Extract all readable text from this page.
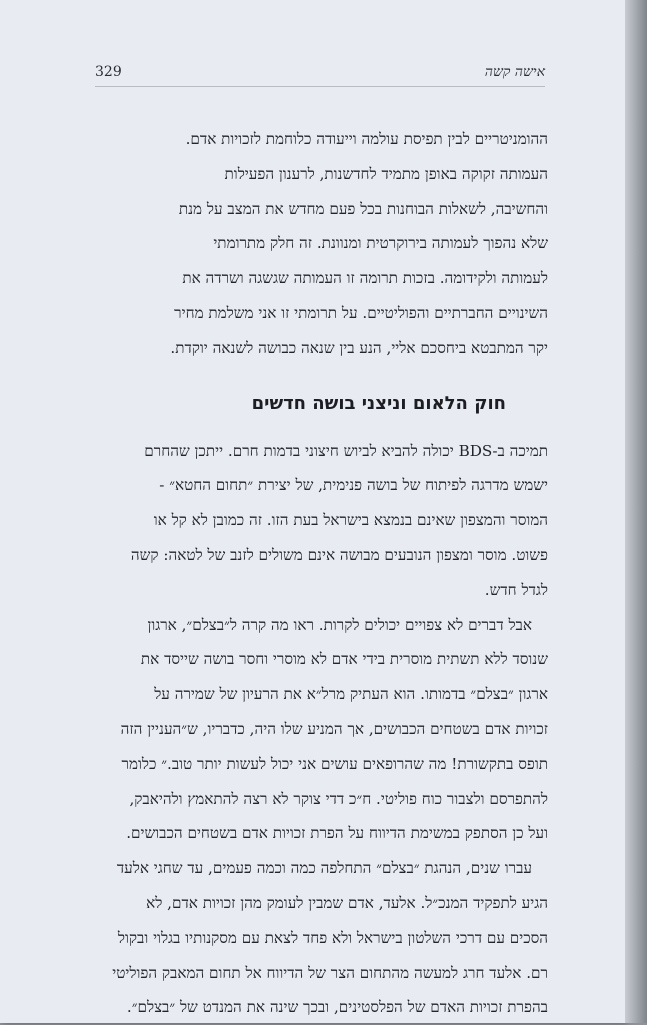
329	אישה קשה

ההומניטריים לבין תפיסת עולמה וייעודה כלוחמת לזכויות אדם.
העמותה זקוקה באופן מתמיד לחדשנות, לרענון הפעילות
והחשיבה, לשאלות הבוחנות בכל פעם מחדש את המצב על מנת
שלא נהפוך לעמותה בירוקרטית ומנוונת. זה חלק מתרומתי
לעמותה ולקידומה. בזכות תרומה זו העמותה שגשגה ושרדה את
השינויים החברתיים והפוליטיים. על תרומתי זו אני משלמת מחיר
יקר המתבטא ביחסכם אליי, הנע בין שנאה כבושה לשנאה יוקדת.

חוק הלאום וניצני בושה חדשים

תמיכה ב-BDS יכולה להביא לביוש חיצוני בדמות חרם. ייתכן שהחרם
ישמש מדרגה לפיתוח של בושה פנימית, של יצירת ״תחום החטא״ -
המוסר והמצפון שאינם בנמצא בישראל בעת הזו. זה כמובן לא קל או
פשוט. מוסר ומצפון הנובעים מבושה אינם משולים לזנב של לטאה: קשה
לגדל חדש.

אבל דברים לא צפויים יכולים לקרות. ראו מה קרה ל״בצלם״, ארגון
שנוסד ללא תשתית מוסרית בידי אדם לא מוסרי וחסר בושה שייסד את
ארגון ״בצלם״ בדמותו. הוא העתיק מרל״א את הרעיון של שמירה על
זכויות אדם בשטחים הכבושים, אך המניע שלו היה, כדבריו, ש״העניין הזה
תופס בתקשורת! מה שהרופאים עושים אני יכול לעשות יותר טוב.״ כלומר
להתפרסם ולצבור כוח פוליטי. ח״כ דדי צוקר לא רצה להתאמץ ולהיאבק,
ועל כן הסתפק במשימת הדיווח על הפרת זכויות אדם בשטחים הכבושים.

עברו שנים, הנהגת ״בצלם״ התחלפה כמה וכמה פעמים, עד שחגי אלעד
הגיע לתפקיד המנכ״ל. אלעד, אדם שמבין לעומק מהן זכויות אדם, לא
הסכים עם דרכי השלטון בישראל ולא פחד לצאת עם מסקנותיו בגלוי ובקול
רם. אלעד חרג למעשה מהתחום הצר של הדיווח אל תחום המאבק הפוליטי
בהפרת זכויות האדם של הפלסטינים, ובכך שינה את המנדט של ״בצלם״.
